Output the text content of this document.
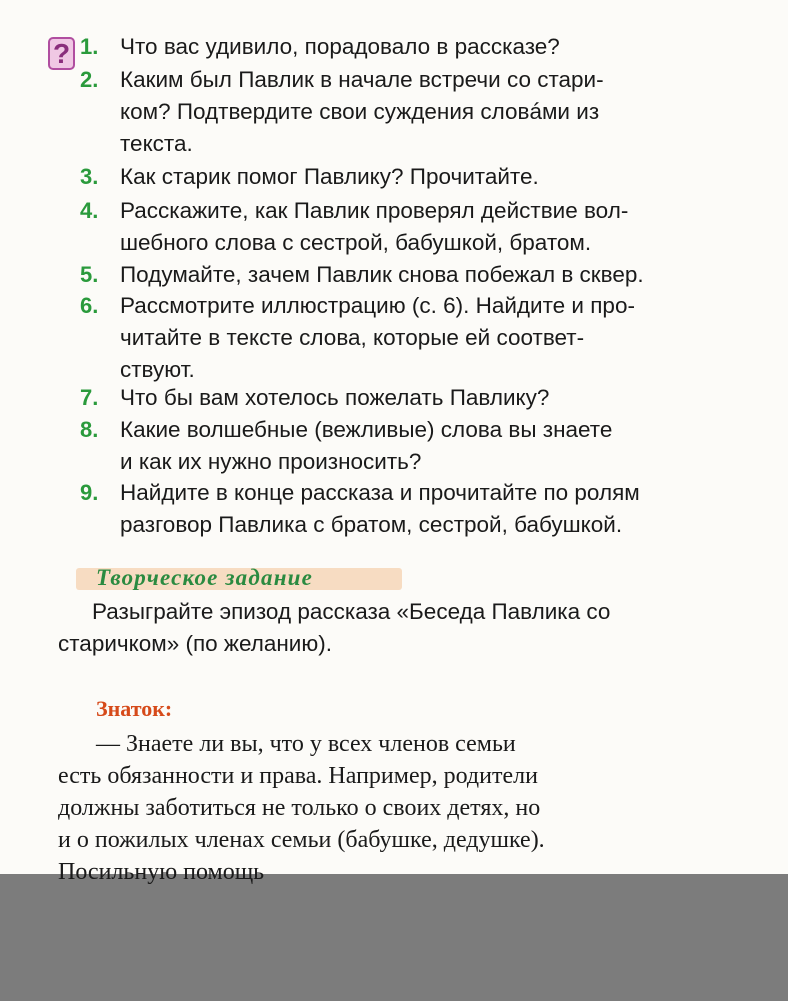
? 1. Что вас удивило, порадовало в рассказе?
2. Каким был Павлик в начале встречи со стари-
ком? Подтвердите свои суждения словáми из
текста.
3. Как старик помог Павлику? Прочитайте.
4. Расскажите, как Павлик проверял действие вол-
шебного слова с сестрой, бабушкой, братом.
5. Подумайте, зачем Павлик снова побежал в сквер.
6. Рассмотрите иллюстрацию (с. 6). Найдите и про-
читайте в тексте слова, которые ей соответ-
ствуют.
7. Что бы вам хотелось пожелать Павлику?
8. Какие волшебные (вежливые) слова вы знаете
и как их нужно произносить?
9. Найдите в конце рассказа и прочитайте по ролям
разговор Павлика с братом, сестрой, бабушкой.
Творческое задание
Разыграйте эпизод рассказа «Беседа Павлика со
старичком» (по желанию).
Знаток:
— Знаете ли вы, что у всех членов семьи
есть обязанности и права. Например, родители
должны заботиться не только о своих детях, но
и о пожилых членах семьи (бабушке, дедушке).
Посильную помощь
